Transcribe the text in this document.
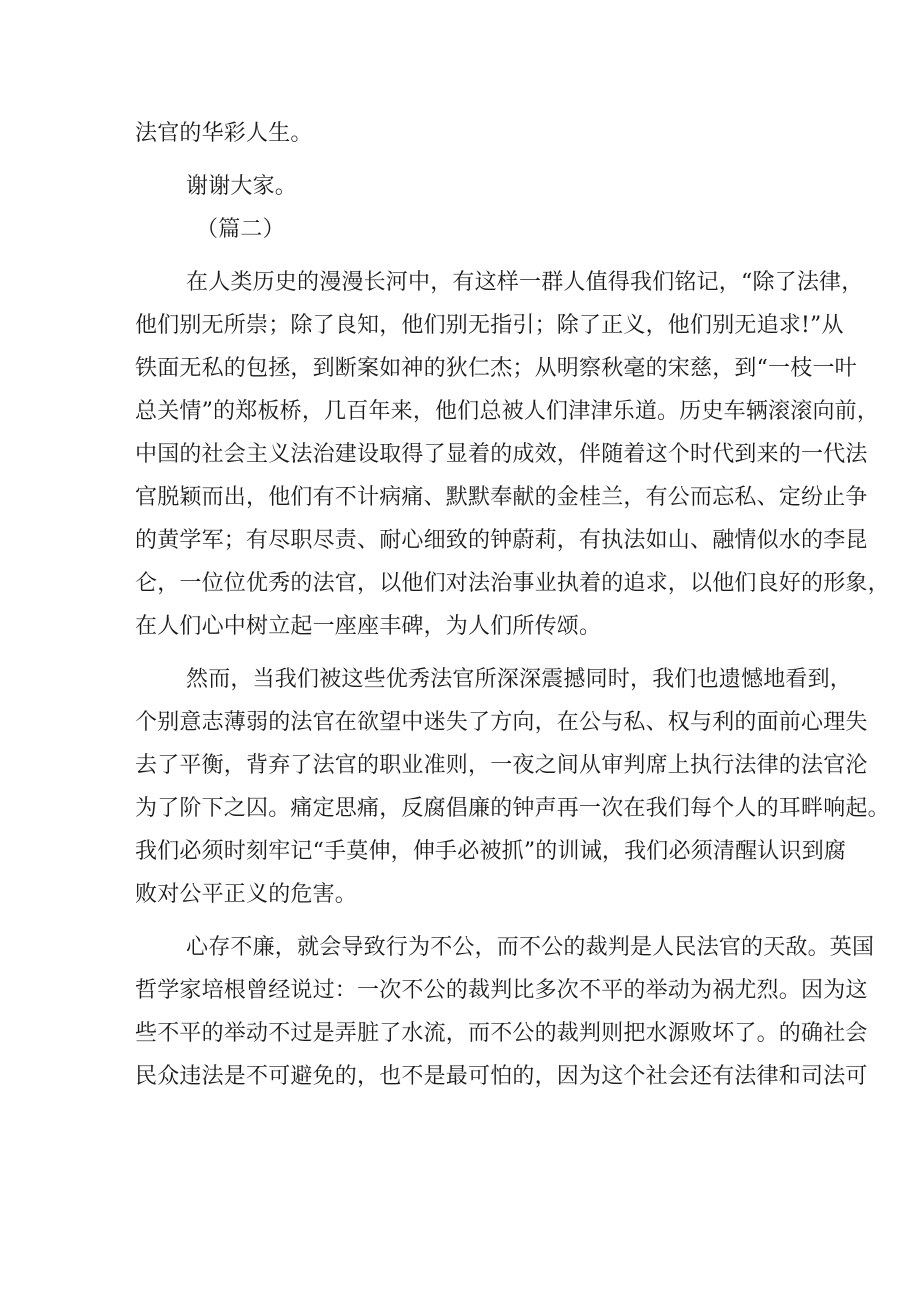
法官的华彩人生。
谢谢大家。
（篇二）
在人类历史的漫漫长河中，有这样一群人值得我们铭记，“除了法律，
他们别无所崇；除了良知，他们别无指引；除了正义，他们别无追求!”从
铁面无私的包拯，到断案如神的狄仁杰；从明察秋毫的宋慈，到“一枝一叶
总关情”的郑板桥，几百年来，他们总被人们津津乐道。历史车辆滚滚向前，
中国的社会主义法治建设取得了显着的成效，伴随着这个时代到来的一代法
官脱颖而出，他们有不计病痛、默默奉献的金桂兰，有公而忘私、定纷止争
的黄学军；有尽职尽责、耐心细致的钟蔚莉，有执法如山、融情似水的李昆
仑，一位位优秀的法官，以他们对法治事业执着的追求，以他们良好的形象，
在人们心中树立起一座座丰碑，为人们所传颂。
然而，当我们被这些优秀法官所深深震撼同时，我们也遗憾地看到，
个别意志薄弱的法官在欲望中迷失了方向，在公与私、权与利的面前心理失
去了平衡，背弃了法官的职业准则，一夜之间从审判席上执行法律的法官沦
为了阶下之囚。痛定思痛，反腐倡廉的钟声再一次在我们每个人的耳畔响起。
我们必须时刻牢记“手莫伸，伸手必被抓”的训诫，我们必须清醒认识到腐
败对公平正义的危害。
心存不廉，就会导致行为不公，而不公的裁判是人民法官的天敌。英国
哲学家培根曾经说过：一次不公的裁判比多次不平的举动为祸尤烈。因为这
些不平的举动不过是弄脏了水流，而不公的裁判则把水源败坏了。的确社会
民众违法是不可避免的，也不是最可怕的，因为这个社会还有法律和司法可
